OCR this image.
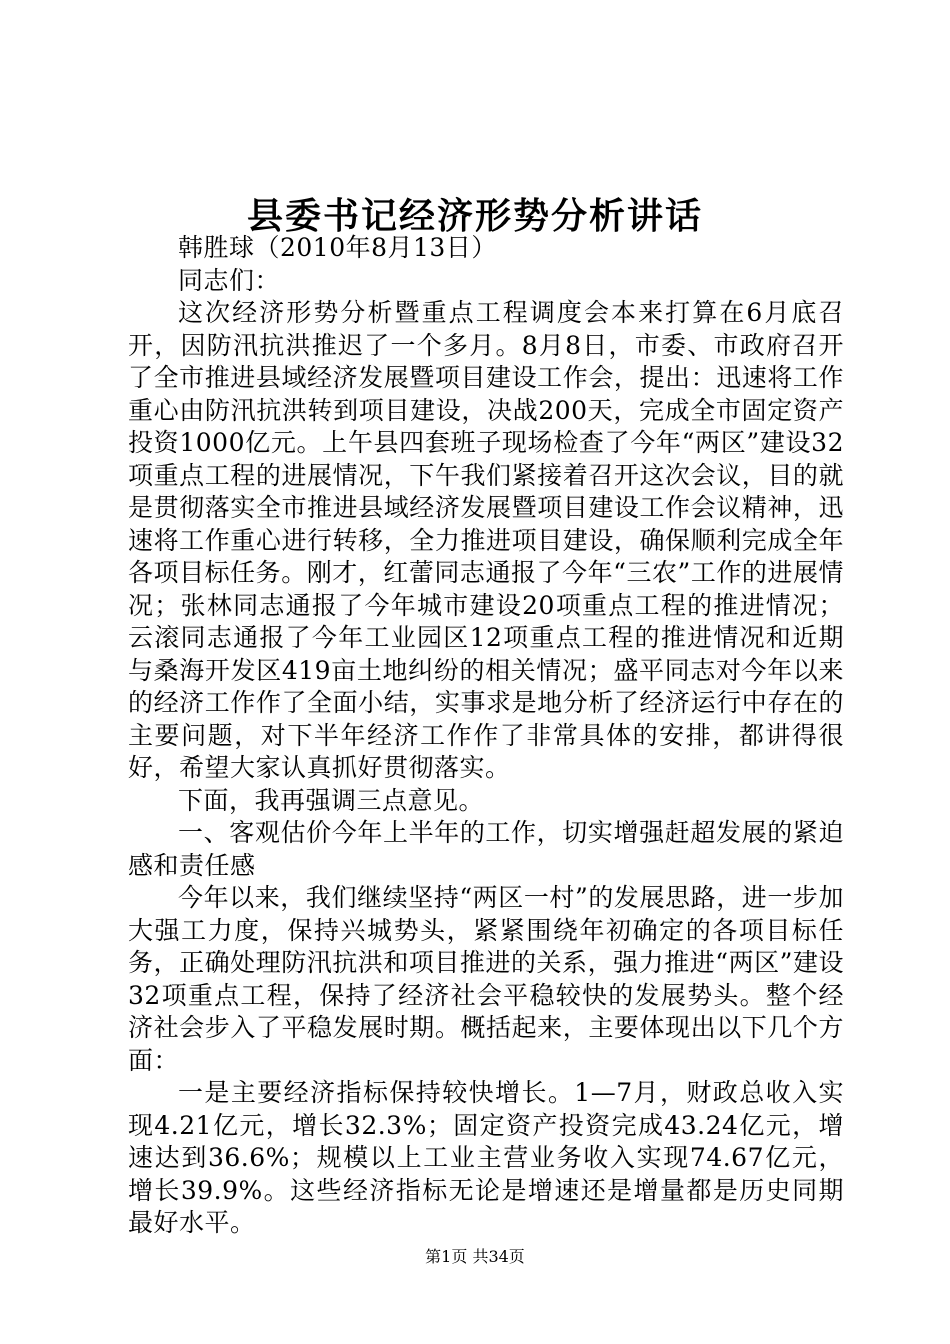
县委书记经济形势分析讲话

韩胜球（2010年8月13日）

同志们：

这次经济形势分析暨重点工程调度会本来打算在6月底召开，因防汛抗洪推迟了一个多月。8月8日，市委、市政府召开了全市推进县域经济发展暨项目建设工作会，提出：迅速将工作重心由防汛抗洪转到项目建设，决战200天，完成全市固定资产投资1000亿元。上午县四套班子现场检查了今年“两区”建设32项重点工程的进展情况，下午我们紧接着召开这次会议，目的就是贯彻落实全市推进县域经济发展暨项目建设工作会议精神，迅速将工作重心进行转移，全力推进项目建设，确保顺利完成全年各项目标任务。刚才，红蕾同志通报了今年“三农”工作的进展情况；张林同志通报了今年城市建设20项重点工程的推进情况；云滚同志通报了今年工业园区12项重点工程的推进情况和近期与桑海开发区419亩土地纠纷的相关情况；盛平同志对今年以来的经济工作作了全面小结，实事求是地分析了经济运行中存在的主要问题，对下半年经济工作作了非常具体的安排，都讲得很好，希望大家认真抓好贯彻落实。

下面，我再强调三点意见。

一、客观估价今年上半年的工作，切实增强赶超发展的紧迫感和责任感

今年以来，我们继续坚持“两区一村”的发展思路，进一步加大强工力度，保持兴城势头，紧紧围绕年初确定的各项目标任务，正确处理防汛抗洪和项目推进的关系，强力推进“两区”建设32项重点工程，保持了经济社会平稳较快的发展势头。整个经济社会步入了平稳发展时期。概括起来，主要体现出以下几个方面：

一是主要经济指标保持较快增长。1—7月，财政总收入实现4.21亿元，增长32.3%；固定资产投资完成43.24亿元，增速达到36.6%；规模以上工业主营业务收入实现74.67亿元，增长39.9%。这些经济指标无论是增速还是增量都是历史同期最好水平。

第1页 共34页
